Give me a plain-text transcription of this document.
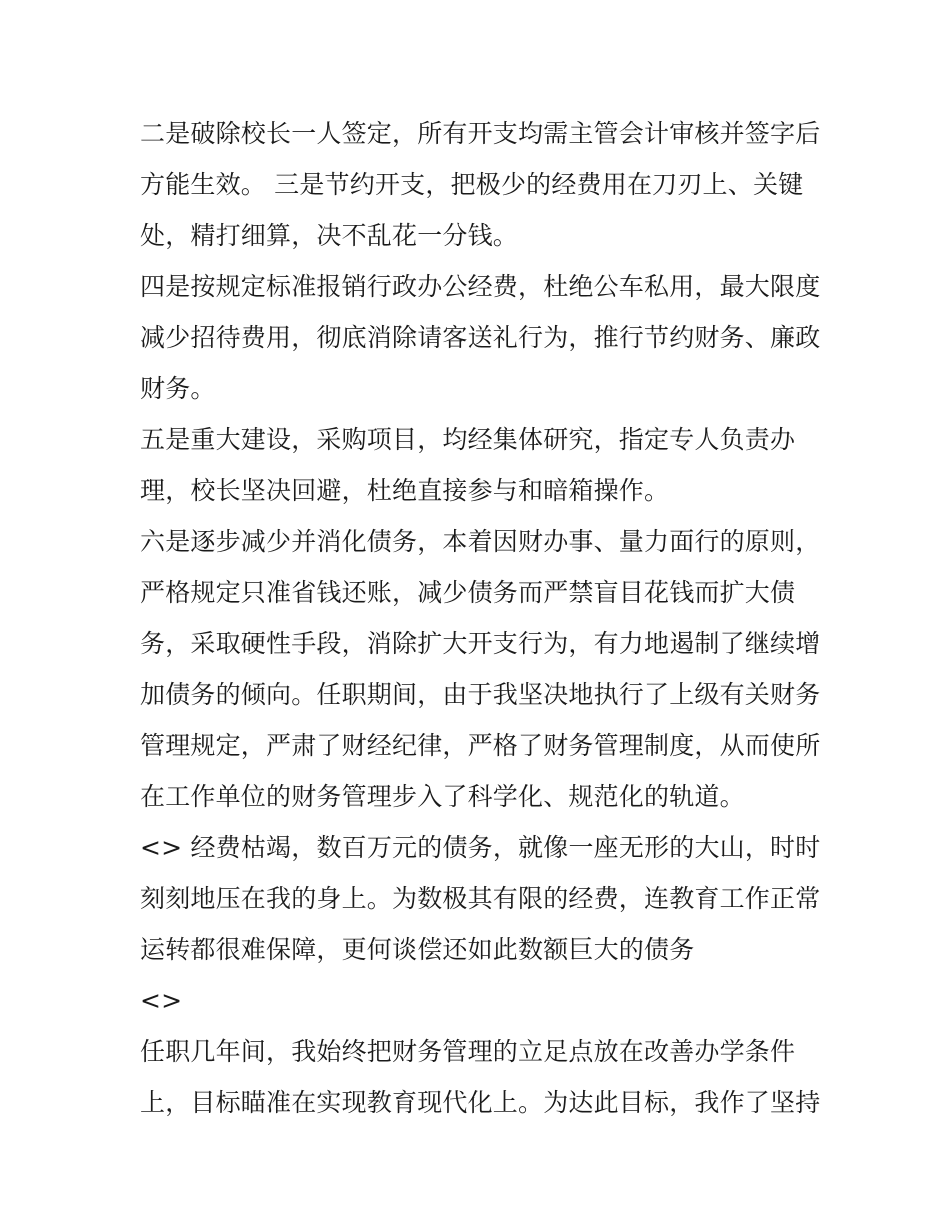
二是破除校长一人签定，所有开支均需主管会计审核并签字后
方能生效。 三是节约开支，把极少的经费用在刀刃上、关键
处，精打细算，决不乱花一分钱。

四是按规定标准报销行政办公经费，杜绝公车私用，最大限度
减少招待费用，彻底消除请客送礼行为，推行节约财务、廉政
财务。

五是重大建设，采购项目，均经集体研究，指定专人负责办
理，校长坚决回避，杜绝直接参与和暗箱操作。

六是逐步减少并消化债务，本着因财办事、量力面行的原则，
严格规定只准省钱还账，减少债务而严禁盲目花钱而扩大债
务，采取硬性手段，消除扩大开支行为，有力地遏制了继续增
加债务的倾向。任职期间，由于我坚决地执行了上级有关财务
管理规定，严肃了财经纪律，严格了财务管理制度，从而使所
在工作单位的财务管理步入了科学化、规范化的轨道。

<> 经费枯竭，数百万元的债务，就像一座无形的大山，时时
刻刻地压在我的身上。为数极其有限的经费，连教育工作正常
运转都很难保障，更何谈偿还如此数额巨大的债务

<>

任职几年间，我始终把财务管理的立足点放在改善办学条件
上，目标瞄准在实现教育现代化上。为达此目标，我作了坚持
